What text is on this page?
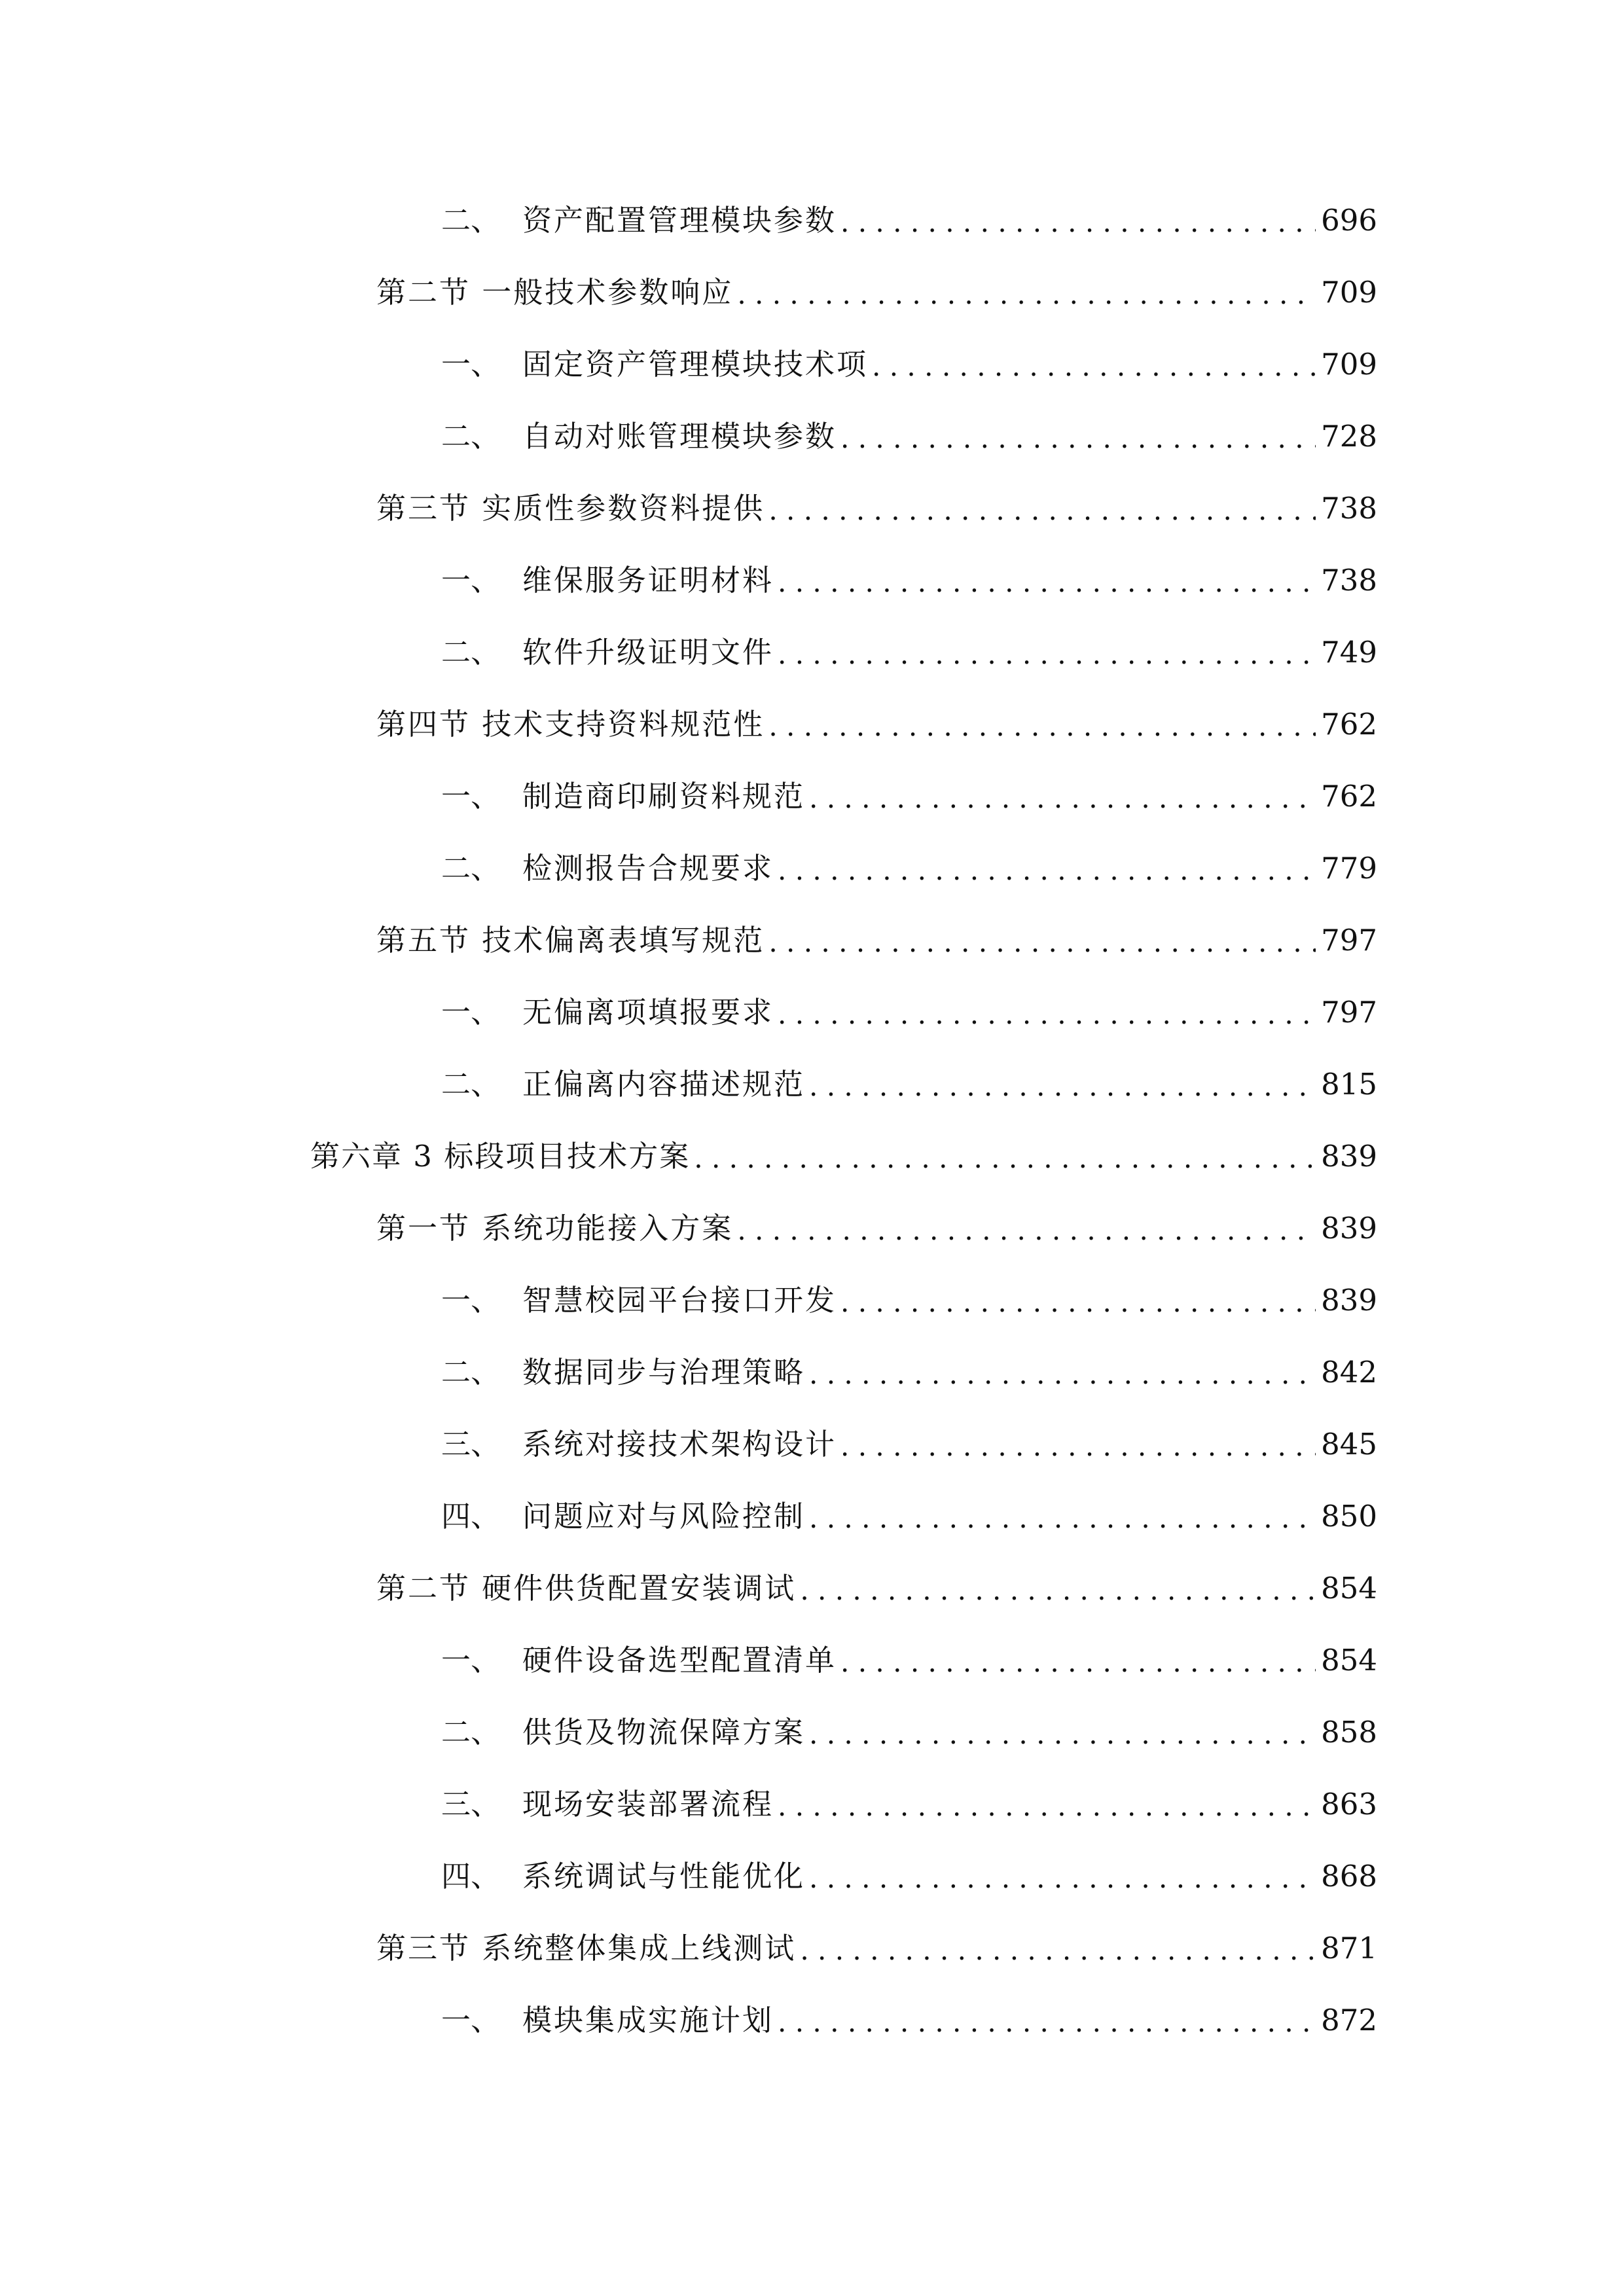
二、 资产配置管理模块参数 . . .	696
第二节 一般技术参数响应 . . .	709
一、 固定资产管理模块技术项 . . .	709
二、 自动对账管理模块参数 . . .	728
第三节 实质性参数资料提供 . . .	738
一、 维保服务证明材料 . . .	738
二、 软件升级证明文件 . . .	749
第四节 技术支持资料规范性 . . .	762
一、 制造商印刷资料规范 . . .	762
二、 检测报告合规要求 . . .	779
第五节 技术偏离表填写规范 . . .	797
一、 无偏离项填报要求 . . .	797
二、 正偏离内容描述规范 . . .	815
第六章 3 标段项目技术方案 . . .	839
第一节 系统功能接入方案 . . .	839
一、 智慧校园平台接口开发 . . .	839
二、 数据同步与治理策略 . . .	842
三、 系统对接技术架构设计 . . .	845
四、 问题应对与风险控制 . . .	850
第二节 硬件供货配置安装调试 . . .	854
一、 硬件设备选型配置清单 . . .	854
二、 供货及物流保障方案 . . .	858
三、 现场安装部署流程 . . .	863
四、 系统调试与性能优化 . . .	868
第三节 系统整体集成上线测试 . . .	871
一、 模块集成实施计划 . . .	872
